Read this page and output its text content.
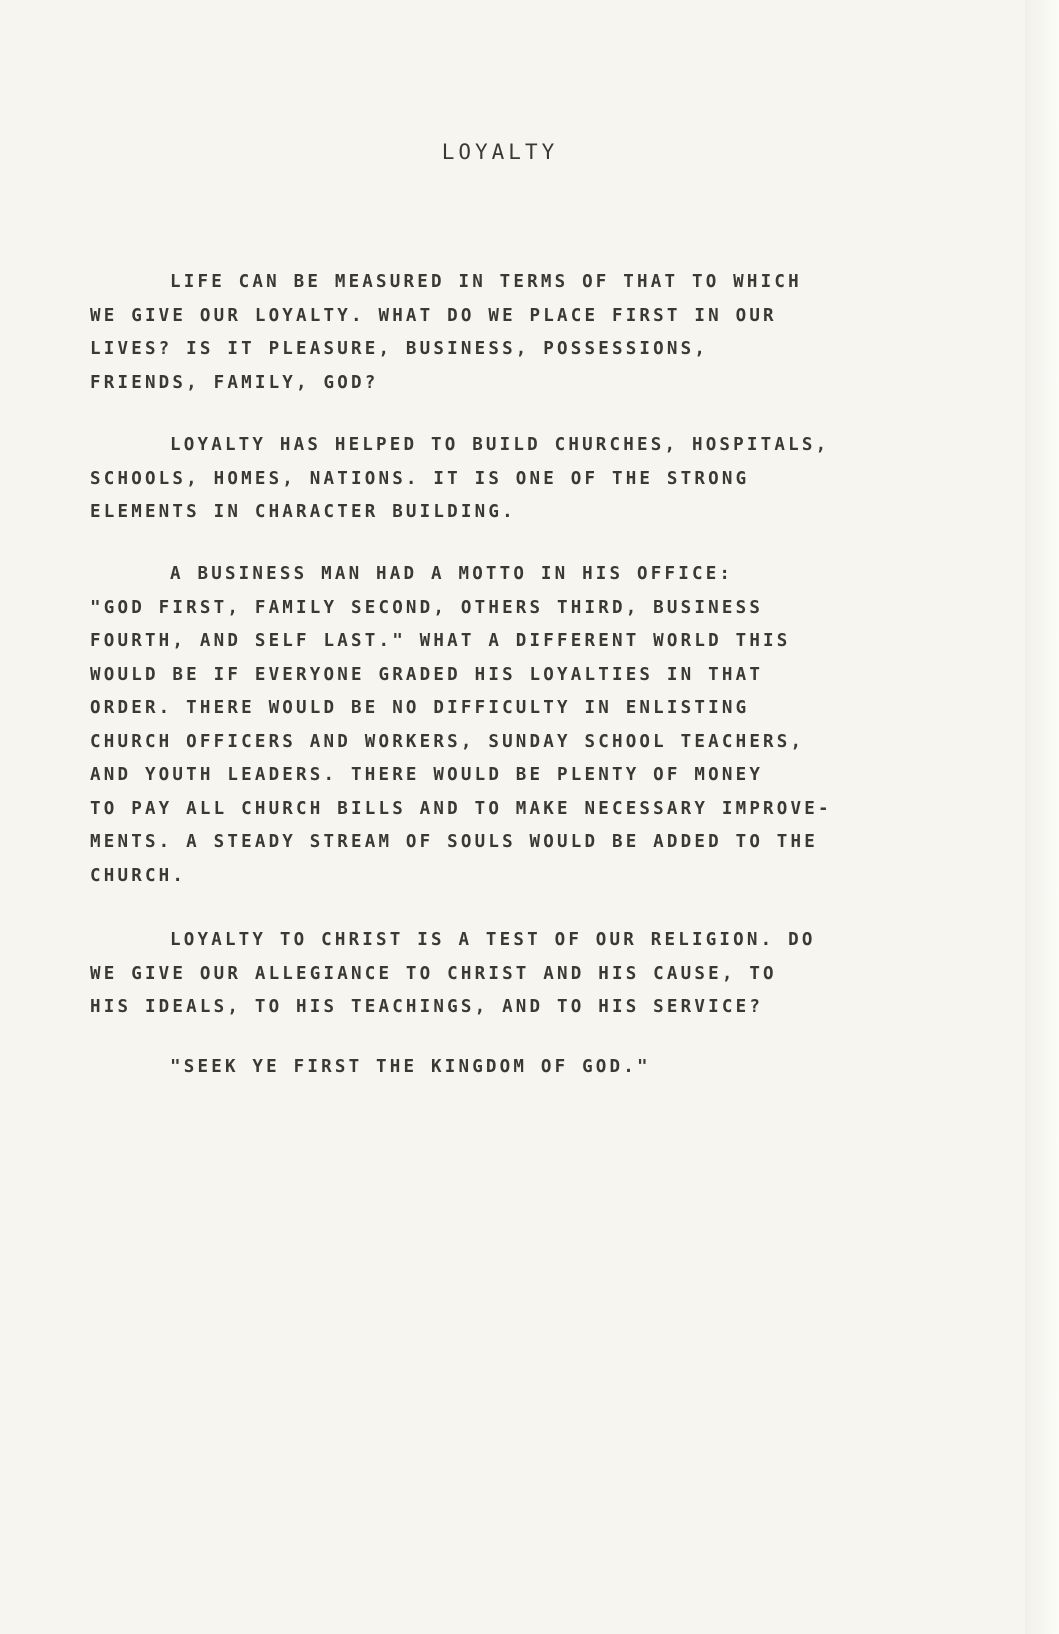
LOYALTY
LIFE CAN BE MEASURED IN TERMS OF THAT TO WHICH
WE GIVE OUR LOYALTY. WHAT DO WE PLACE FIRST IN OUR
LIVES? IS IT PLEASURE, BUSINESS, POSSESSIONS,
FRIENDS, FAMILY, GOD?
LOYALTY HAS HELPED TO BUILD CHURCHES, HOSPITALS,
SCHOOLS, HOMES, NATIONS. IT IS ONE OF THE STRONG
ELEMENTS IN CHARACTER BUILDING.
A BUSINESS MAN HAD A MOTTO IN HIS OFFICE:
"GOD FIRST, FAMILY SECOND, OTHERS THIRD, BUSINESS
FOURTH, AND SELF LAST." WHAT A DIFFERENT WORLD THIS
WOULD BE IF EVERYONE GRADED HIS LOYALTIES IN THAT
ORDER. THERE WOULD BE NO DIFFICULTY IN ENLISTING
CHURCH OFFICERS AND WORKERS, SUNDAY SCHOOL TEACHERS,
AND YOUTH LEADERS. THERE WOULD BE PLENTY OF MONEY
TO PAY ALL CHURCH BILLS AND TO MAKE NECESSARY IMPROVE-
MENTS. A STEADY STREAM OF SOULS WOULD BE ADDED TO THE
CHURCH.
LOYALTY TO CHRIST IS A TEST OF OUR RELIGION. DO
WE GIVE OUR ALLEGIANCE TO CHRIST AND HIS CAUSE, TO
HIS IDEALS, TO HIS TEACHINGS, AND TO HIS SERVICE?
"SEEK YE FIRST THE KINGDOM OF GOD."
